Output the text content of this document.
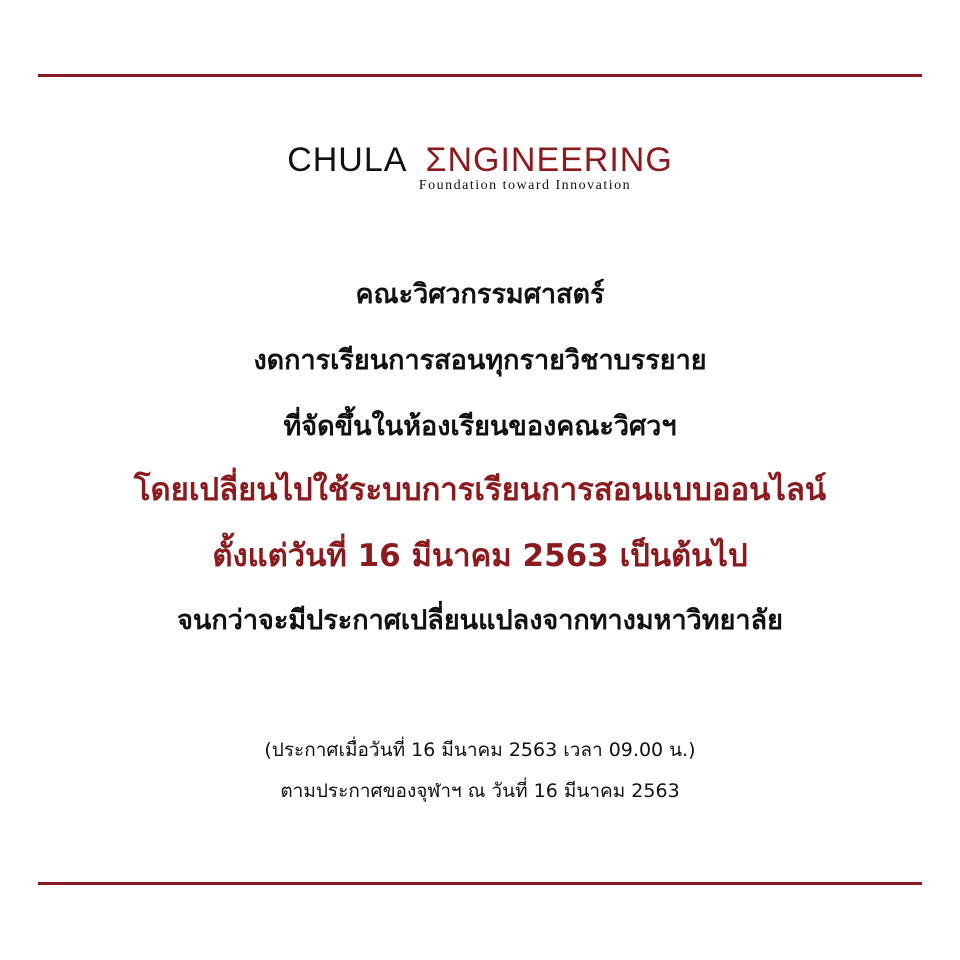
CHULA ƩNGINEERING
Foundation toward Innovation
คณะวิศวกรรมศาสตร์
งดการเรียนการสอนทุกรายวิชาบรรยาย
ที่จัดขึ้นในห้องเรียนของคณะวิศวฯ
โดยเปลี่ยนไปใช้ระบบการเรียนการสอนแบบออนไลน์
ตั้งแต่วันที่ 16 มีนาคม 2563 เป็นต้นไป
จนกว่าจะมีประกาศเปลี่ยนแปลงจากทางมหาวิทยาลัย
(ประกาศเมื่อวันที่ 16 มีนาคม 2563 เวลา 09.00 น.)
ตามประกาศของจุฬาฯ ณ วันที่ 16 มีนาคม 2563
